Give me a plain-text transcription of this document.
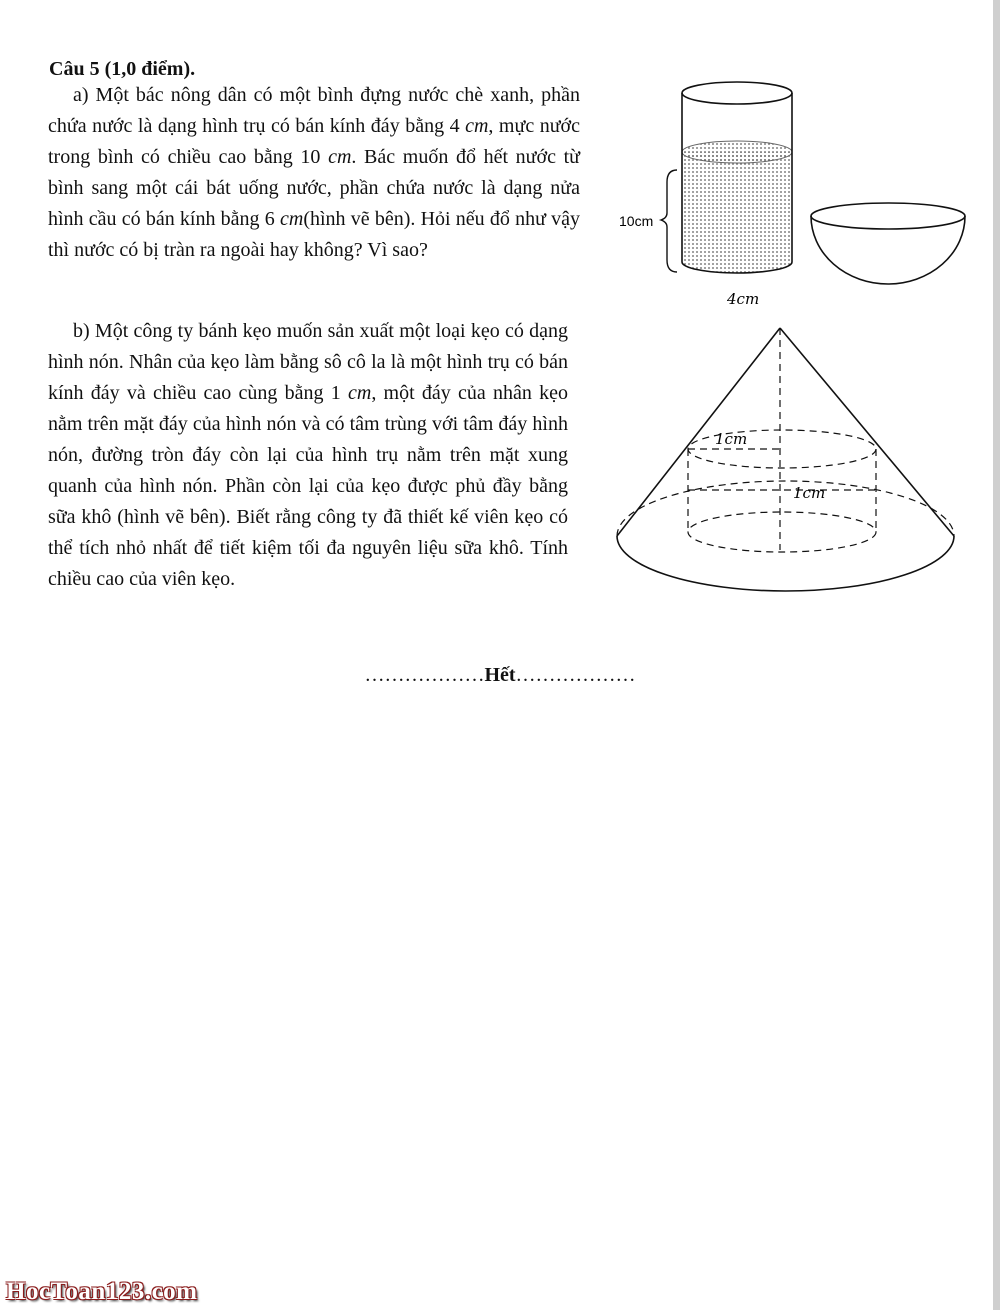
Câu 5 (1,0 điểm).

a) Một bác nông dân có một bình đựng nước chè xanh, phần chứa nước là dạng hình trụ có bán kính đáy bằng 4 cm, mực nước trong bình có chiều cao bằng 10 cm. Bác muốn đổ hết nước từ bình sang một cái bát uống nước, phần chứa nước là dạng nửa hình cầu có bán kính bằng 6 cm(hình vẽ bên). Hỏi nếu đổ như vậy thì nước có bị tràn ra ngoài hay không? Vì sao?

b) Một công ty bánh kẹo muốn sản xuất một loại kẹo có dạng hình nón. Nhân của kẹo làm bằng sô cô la là một hình trụ có bán kính đáy và chiều cao cùng bằng 1 cm, một đáy của nhân kẹo nằm trên mặt đáy của hình nón và có tâm trùng với tâm đáy hình nón, đường tròn đáy còn lại của hình trụ nằm trên mặt xung quanh của hình nón. Phần còn lại của kẹo được phủ đầy bằng sữa khô (hình vẽ bên). Biết rằng công ty đã thiết kế viên kẹo có thể tích nhỏ nhất để tiết kiệm tối đa nguyên liệu sữa khô. Tính chiều cao của viên kẹo.

10cm
4cm
1cm
1cm

………………Hết………………

HocToan123.com
